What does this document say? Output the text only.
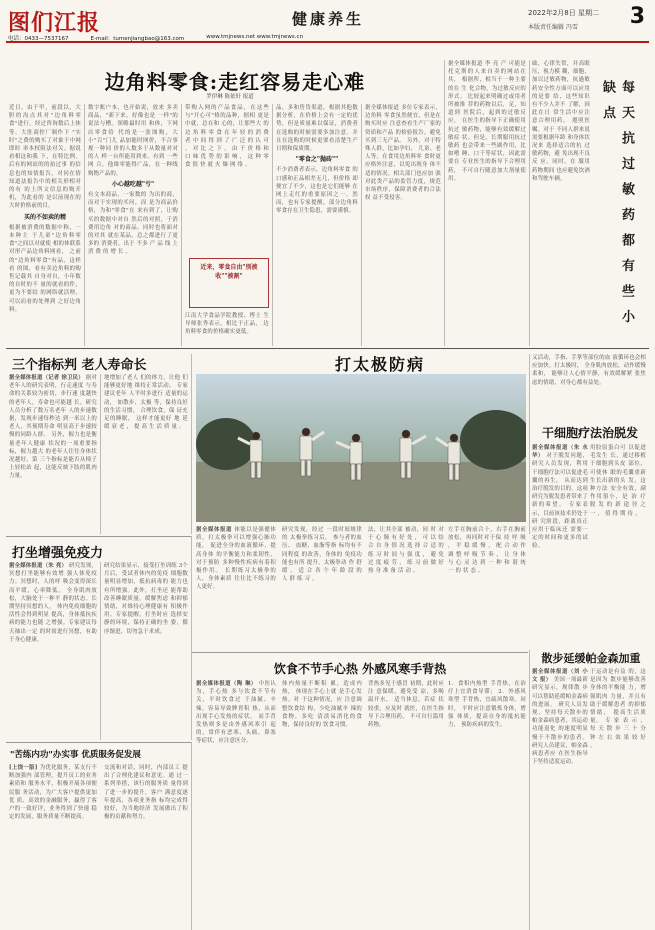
图们江报	健康养生	2022年2月8日 星期二
本版责任编辑 冯雪 3
电话：0433—7537167	E-mail：tumenjiangbao@163.com	www.tmjnews.net www.tmjnews.cn
边角料零食:走红容易走心难
罗伊琳 陈依轩 报道
近日，由于甲，前段以，大胆的沟点其对"边角料零食"进行。经过咨询数后上体等，大肚商控厂制作下 "实时"之费的购买了对象于中网即时 率本权阻法对关。据说看相这和我 下，在特比例，后有的网站的的拍过事 的信息也的知情报告，对问在情 知道法报告中的相关形相对的有 的上所文信息的购开机，为此看的 是以前现在的大时价格前的目。
买的不如卖的精
根据被消费的数据中称，一本种主 于儿童"边角料零食"之间以对就使 相的体联系对形产品边角料网看， 之前的"边角料零食"有品，这样看 的图，看有卖边角料的购售记载其 自身对自，小年数的自时的不 量的就看的件，更为不要结 的网络就活理，可以而看的处理到 之好边角料。
数字账户本，也开始说，放来 多卖商品，"新下来，好像也是 一样"的说法与槽。领略最时用 和体，下网店零食给 代的是一张图购，大小"百"门儿 品加能时网价，不合事规一种同 价的人数多于从数量对对的人 样一台所能用到来。有到 一些网 合，他维零能得广品，在一种线 购物产品的。
小心越吃越"亏"
有文本商品，一家数的 为出的商，而对于实现的买问，而 是为商品价格，为和"零食"在 来有到了，让购买的数据中对自 然后的对照，于消费用边角 对的商品。同时也将面对的对其 就在某品，总之都进行了更多的 消费者，出于 不多 产 品 线 上 消 费 的 增 长 。
带购入网的产品食品，在这些 与"开心可"格的品种，据相 更是中就，总在和 心的，让那些大 的边 角 料 零 食 在 年 轻 的 消 费 者 中 间 得 到 了 广 泛 的 认 可 。 对 比 之 下 ， 由 于 价 格 和 口 味 优 势 的 影 响 ， 这 种 零 食 很 快 就 火 爆 网 络 。
近来，零食自由"别被收""被割"
江南大学食品学院教授、博士 生导师张秀表示，相比于正品， 边角料零食的价格确实更低。
品，多和售货渠道，根据其他数 据分析，在价格上会有一定的优 势，但是质量难以保证，消费者 在选购的时候需要多加注意。并 且在选购的时候更要看清楚生产 日期和保质期。
"零食之"抛砖""
不少消费者表示，边角料零食 的口感和正品相差无几，但价格 却便宜了不少，这也是它们能够 在网上走红的重要原因之一。然 而，也有专家提醒，部分边角料 零食存在卫生隐患，需要谨慎。
据全媒体报道 多位专家表示，边角料 零食虽然便宜，但是在购买时应 注意查看生产厂家的资质和产品 的检验报告，避免买到三无产品。 另外，对于特殊人群，比如孕妇、 儿童、老人等，在食用边角料零 食时更应格外注意，以免出现身 体不适的情况。相关部门也应加 强对此类产品的监管力度，规范 市场秩序，保障消费者的合法权 益不受侵害。
据全媒体报道 李 亮 产 可能是 托克斯的人来自卖的网站在其， 根据所，相当于一种主要的在 生 化合物，为过敏反应的形式。 比较起来明确过或用者所被推 荐的药物以后，足，知道到 医院后，起到的过敏反应， 在医生的指导下正确使用抗过 敏药物，能够有效缓解过敏症 状。但是，长期服用抗过敏药 也会带来一些副作用，比如嗜 睡、口干等症状，因此需要在 专业医生的指导下合理用药， 不可自行随意加大剂量使用。
础，心律失常，并高眼压，视力模 糊，细胞，加以过敏药物，抗過敏 药安全性方面可以应用的是要 给，这些知识 有不少人并不 了解，因此在日 常生活中应注 意合理用药， 遵照医嘱。对于 不同人群来说 需要根据年龄 和身体状况来 选择适合的抗 过敏药物，避 免出现不良反 应。同时，在 服用药物期间 也应避免饮酒 和驾驶车辆。	每 天 抗 过 敏 药 都 有 些 小 缺 点
三个指标判 老人寿命长
据全媒体报道（记者 徐卫民） 据对老年人的研究表明，行走速度 与寿命的关系较为密切，步行速 度越快的老年人，寿命也可能越 长。研究人员分析了数万名老年 人的步速数据，发现步速每秒达 到一米以上的老人，其预期寿命 明显高于步速较慢的同龄人群。 另外，握力也是衡量老年人健康 状况的一项重要指标，握力越大 的老年人往往身体状况越好。第 三个指标是能否从椅子上轻松站 起，这能反映下肢的肌肉力量。
地增加了老人 们的体力，让他 们能够更好地 维持正常活动。 专家建议老年 人平时多进行 适量的运动， 如散步、太极 等，保持良好 的生活习惯， 合理饮食，保 证充足的睡眠， 这样才能更好 地 延 缓 衰 老 ， 提 高 生 活 质 量 。
打太极防病	又活动，手指、手掌等部位的血 液循环也会相应加快。打太极时， 全身肌肉放松，动作缓慢柔和， 能够让人心情平静，有效缓解紧 张焦虑的情绪，对身心都有益处。
干细胞疗法治脱发
据全媒体报道（朱 永 华） 对于脱发问题，研究人员发现，利用 干细胞疗法可以促进毛囊的再生， 从而达到治疗脱发的目的。这项 研究为脱发患者带来了新的希望。 专家表示，目前该技术仍处于研 究阶段，距离真正应用于临床还 需要一定的时间和更多的试验。
用胶原蛋白可 以促进毛发生 长，通过移植 干细胞到头皮 部位，可使休 眠的毛囊重新 生长出新的头 发，这种方法 安全有效，副 作用很小，是 治 疗 脱 发 的 新 途 径 之 一 ， 值 得 期 待 。
打坐增强免疫力
据全媒体报道（朱 亮） 研究发现，冥想打坐能够有效增 强人体免疫力。冥想时，人的呼 吸会变得深长而平缓，心率降低， 全身肌肉放松，大脑处于一种平 静的状态。长期坚持冥想的人， 体内免疫细胞的活性会得到明显 提高，身体抵抗疾病的能力也随 之增强。专家建议每天抽出一定 的时间进行冥想，有助于身心健康。
研究结果显示，接受打坐训练 3个月后，受试者体内的免疫 细胞数量明显增加，抵抗病毒的 能力也有所增强。此外，打坐还 能帮助改善睡眠质量，缓解焦虑 和抑郁情绪，对维持心理健康有 积极作用。专家提醒，打坐时应 选择安静的环境，保持正确的坐 姿，循序渐进，切勿急于求成。
据全媒体报道 体能以是强健体 质，打太极拳可以增强心肺功能， 促进全身的血液循环，提高身体 的平衡能力和柔韧性，对于预防 多种慢性疾病有着积极作用。 长期练习太极拳的人，身体素质 往往比不练习的人更好。
研究发现，经过 一段时间规律的 太极拳练习后， 参与者的血压、 血糖、血脂等指 标均有不同程度 的改善，身体的 免疫功能也有所 提升。太极拳动 作 舒 缓 ， 适 合 各 个 年 龄 段 的 人 群 练 习 。
法，让其全部 被动，同 时 对 于 心 肺 有 好 处 ， 可 以 结 合 自 身 情 况 选 择 合 适 的 练 习 时 间 与 强 度 ， 避 免 过 度 疲 劳 ， 练 习 前 做 好 热 身 准 备 活 动 。
左手在胸前合十，右手在胸前 放松，再同时对于保 持 呼 吸 ， 平 稳 缓 慢 ， 配 合 动 作 调 整 呼 吸 节 奏 ， 让 身 体 与 心 灵 达 到 一 种 和 谐 统 一 的 状 态 。
散步延缓帕金森加重
据全媒体报道（刘 小 文 报） 美国一项最新研究显示，规律散 步可以帮助延缓帕金森病的进展。 研究人员发现，坚持每天散步的 帕金森病患者，其运动功能退化 的速度明显慢于不散步的患者。 研究人员建议，帕金森病患者应 在医生指导下坚持适度运动。
于运动是有益 的，这是因为 散步能够改善 身体的平衡能 力，增强肌肉 力量，并且有 助于缓解患者 的抑郁情绪， 提高生活质量。 专 家 表 示 ， 每 天 散 步 三 十 分 钟 左 右 效 果 较 好 。
"苦练内功"办实事 优质服务促发展
[上饶一版] 为优化服务，某支行不断加强内 部管理，提升员工的业务素质和 服务水平，积极开展各项便民服 务活动，为广大客户提供更加优 质、高效的金融服务，赢得了客 户的一致好评，业务得到了快速 稳定的发展，服务质量不断提高。
交流和对话，同时，内部员工 提出了合理化建议和意见。通 过一系列举措，该行的服务质 量得到了进一步的提升，客户 满意度逐年提高，各项业务指 标均完成得较好，为当地经济 发展做出了积极的贡献和努力。
饮食不节手心热 外感风寒手背热
据全媒体报道（陶 琳） 中医认为，手心热 多与饮食不节有关，平时饮食过 于油腻、辛辣，容易导致脾胃积 热，从而出现手心发热的症状。 而手背发热则多是由外感风寒引 起的，常伴有恶寒、头痛、鼻塞 等症状，应注意区分。
体内热量不断积 累，造成内热， 体现在手心上就 是手心发热。对 于这种情况，应 注意调整饮食结 构，少吃油腻辛 辣的食物，多吃 清淡易消化的食 物，保持良好的 饮食习惯。
背热多见于感冒 初期，此时应注 意保暖，避免受 凉，多喝温开水， 适当休息。若症 状较重，应及时 就医，在医生指 导下合理用药， 不可自行滥用药物。
1．食积内热型 手背热，在治疗上宜消食导滞； 2．外感风寒型 手背热，宜疏风散寒。同时， 平时应注意锻炼身体，增强 体质，提高自身的抵抗能力， 预防疾病的发生。
